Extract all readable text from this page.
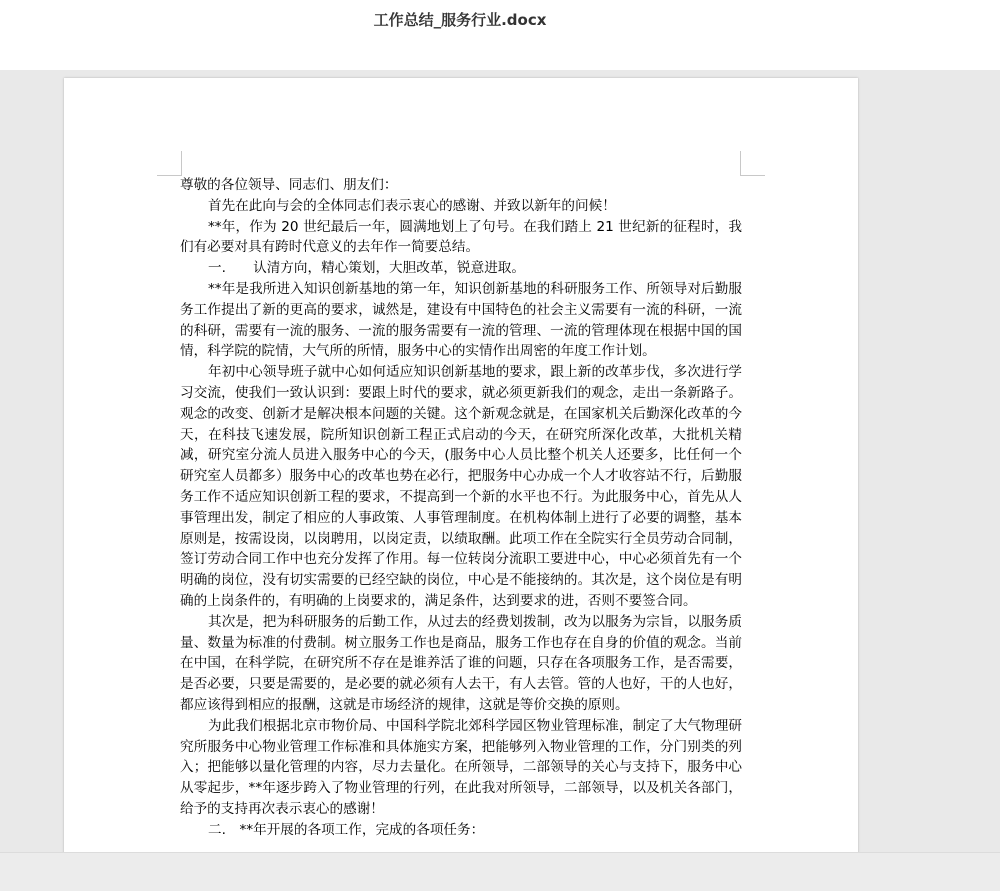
工作总结_服务行业.docx

尊敬的各位领导、同志们、朋友们：

首先在此向与会的全体同志们表示衷心的感谢、并致以新年的问候！

**年，作为 20 世纪最后一年，圆满地划上了句号。在我们踏上 21 世纪新的征程时，我们有必要对具有跨时代意义的去年作一简要总结。

一.　　认清方向，精心策划，大胆改革，锐意进取。

**年是我所进入知识创新基地的第一年，知识创新基地的科研服务工作、所领导对后勤服务工作提出了新的更高的要求，诚然是，建设有中国特色的社会主义需要有一流的科研，一流的科研，需要有一流的服务、一流的服务需要有一流的管理、一流的管理体现在根据中国的国情，科学院的院情，大气所的所情，服务中心的实情作出周密的年度工作计划。

年初中心领导班子就中心如何适应知识创新基地的要求，跟上新的改革步伐，多次进行学习交流，使我们一致认识到：要跟上时代的要求，就必须更新我们的观念，走出一条新路子。观念的改变、创新才是解决根本问题的关键。这个新观念就是，在国家机关后勤深化改革的今天，在科技飞速发展，院所知识创新工程正式启动的今天，在研究所深化改革，大批机关精减，研究室分流人员进入服务中心的今天，(服务中心人员比整个机关人还要多，比任何一个研究室人员都多）服务中心的改革也势在必行，把服务中心办成一个人才收容站不行，后勤服务工作不适应知识创新工程的要求，不提高到一个新的水平也不行。为此服务中心，首先从人事管理出发，制定了相应的人事政策、人事管理制度。在机构体制上进行了必要的调整，基本原则是，按需设岗，以岗聘用，以岗定责，以绩取酬。此项工作在全院实行全员劳动合同制，签订劳动合同工作中也充分发挥了作用。每一位转岗分流职工要进中心，中心必须首先有一个明确的岗位，没有切实需要的已经空缺的岗位，中心是不能接纳的。其次是，这个岗位是有明确的上岗条件的，有明确的上岗要求的，满足条件，达到要求的进，否则不要签合同。

其次是，把为科研服务的后勤工作，从过去的经费划拨制，改为以服务为宗旨，以服务质量、数量为标准的付费制。树立服务工作也是商品，服务工作也存在自身的价值的观念。当前在中国，在科学院，在研究所不存在是谁养活了谁的问题，只存在各项服务工作，是否需要，是否必要，只要是需要的，是必要的就必须有人去干，有人去管。管的人也好，干的人也好，都应该得到相应的报酬，这就是市场经济的规律，这就是等价交换的原则。

为此我们根据北京市物价局、中国科学院北郊科学园区物业管理标准，制定了大气物理研究所服务中心物业管理工作标准和具体施实方案，把能够列入物业管理的工作，分门别类的列入；把能够以量化管理的内容，尽力去量化。在所领导，二部领导的关心与支持下，服务中心从零起步，**年逐步跨入了物业管理的行列，在此我对所领导，二部领导，以及机关各部门，给予的支持再次表示衷心的感谢！

二.　**年开展的各项工作，完成的各项任务：
